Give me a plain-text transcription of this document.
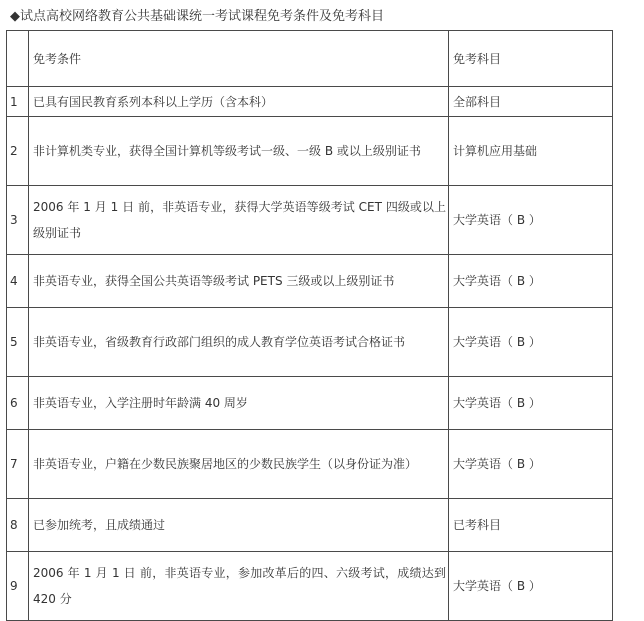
◆试点高校网络教育公共基础课统一考试课程免考条件及免考科目
	免考条件	免考科目
1	已具有国民教育系列本科以上学历（含本科）	全部科目
2	非计算机类专业，获得全国计算机等级考试一级、一级 B 或以上级别证书	计算机应用基础
3	2006 年 1 月 1 日 前，非英语专业，获得大学英语等级考试 CET 四级或以上级别证书	大学英语（ B ）
4	非英语专业，获得全国公共英语等级考试 PETS 三级或以上级别证书	大学英语（ B ）
5	非英语专业，省级教育行政部门组织的成人教育学位英语考试合格证书	大学英语（ B ）
6	非英语专业，入学注册时年龄满 40 周岁	大学英语（ B ）
7	非英语专业，户籍在少数民族聚居地区的少数民族学生（以身份证为准）	大学英语（ B ）
8	已参加统考，且成绩通过	已考科目
9	2006 年 1 月 1 日 前，非英语专业，参加改革后的四、六级考试，成绩达到 420 分	大学英语（ B ）
